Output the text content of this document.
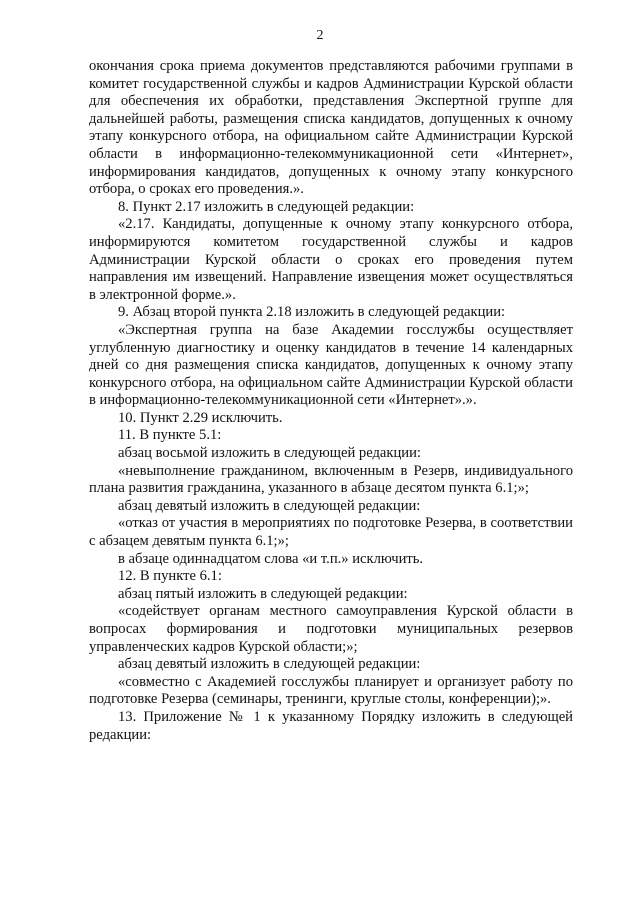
2

окончания срока приема документов представляются рабочими группами в комитет государственной службы и кадров Администрации Курской области для обеспечения их обработки, представления Экспертной группе для дальнейшей работы, размещения списка кандидатов, допущенных к очному этапу конкурсного отбора, на официальном сайте Администрации Курской области в информационно-телекоммуникационной сети «Интернет», информирования кандидатов, допущенных к очному этапу конкурсного отбора, о сроках его проведения.».

8. Пункт 2.17 изложить в следующей редакции:

«2.17. Кандидаты, допущенные к очному этапу конкурсного отбора, информируются комитетом государственной службы и кадров Администрации Курской области о сроках его проведения путем направления им извещений. Направление извещения может осуществляться в электронной форме.».

9. Абзац второй пункта 2.18 изложить в следующей редакции:

«Экспертная группа на базе Академии госслужбы осуществляет углубленную диагностику и оценку кандидатов в течение 14 календарных дней со дня размещения списка кандидатов, допущенных к очному этапу конкурсного отбора, на официальном сайте Администрации Курской области в информационно-телекоммуникационной сети «Интернет».».

10. Пункт 2.29 исключить.

11. В пункте 5.1:

абзац восьмой изложить в следующей редакции:

«невыполнение гражданином, включенным в Резерв, индивидуального плана развития гражданина, указанного в абзаце десятом пункта 6.1;»;

абзац девятый изложить в следующей редакции:

«отказ от участия в мероприятиях по подготовке Резерва, в соответствии с абзацем девятым пункта 6.1;»;

в абзаце одиннадцатом слова «и т.п.» исключить.

12. В пункте 6.1:

абзац пятый изложить в следующей редакции:

«содействует органам местного самоуправления Курской области в вопросах формирования и подготовки муниципальных резервов управленческих кадров Курской области;»;

абзац девятый изложить в следующей редакции:

«совместно с Академией госслужбы планирует и организует работу по подготовке Резерва (семинары, тренинги, круглые столы, конференции);».

13. Приложение № 1 к указанному Порядку изложить в следующей редакции:
